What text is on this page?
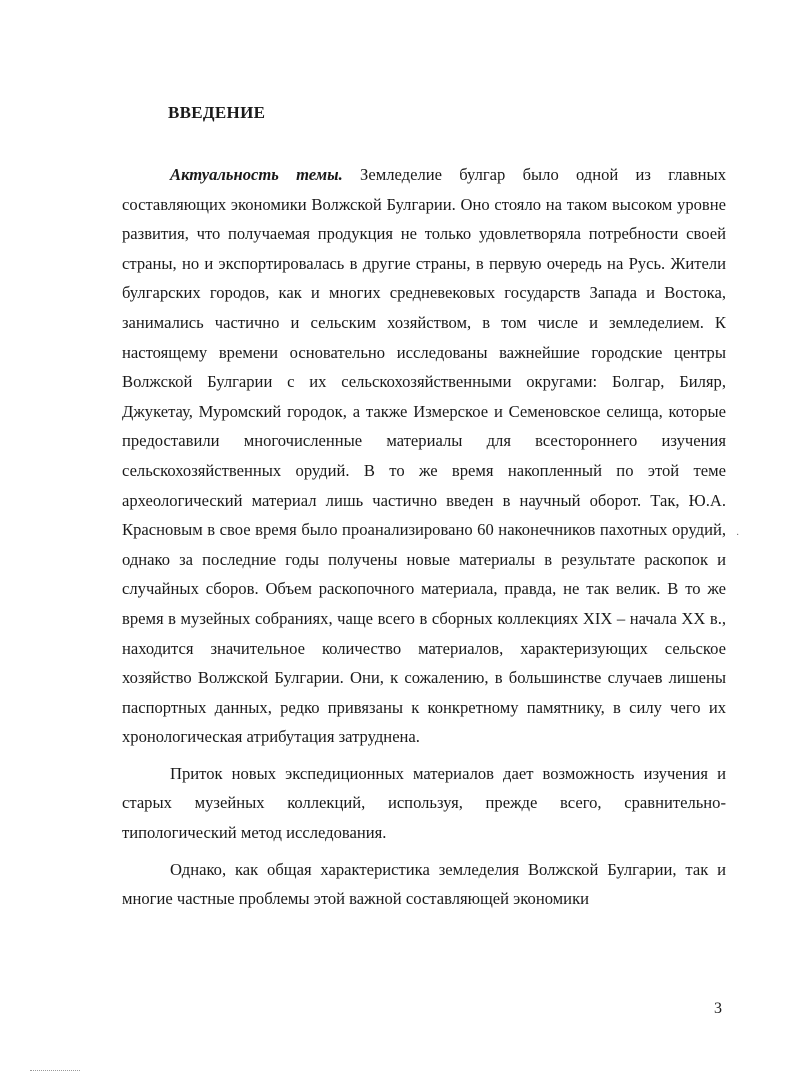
ВВЕДЕНИЕ

Актуальность темы. Земледелие булгар было одной из главных составляющих экономики Волжской Булгарии. Оно стояло на таком высоком уровне развития, что получаемая продукция не только удовлетворяла потребности своей страны, но и экспортировалась в другие страны, в первую очередь на Русь. Жители булгарских городов, как и многих средневековых государств Запада и Востока, занимались частично и сельским хозяйством, в том числе и земледелием. К настоящему времени основательно исследованы важнейшие городские центры Волжской Булгарии с их сельскохозяйственными округами: Болгар, Биляр, Джукетау, Муромский городок, а также Измерское и Семеновское селища, которые предоставили многочисленные материалы для всестороннего изучения сельскохозяйственных орудий. В то же время накопленный по этой теме археологический материал лишь частично введен в научный оборот. Так, Ю.А. Красновым в свое время было проанализировано 60 наконечников пахотных орудий, однако за последние годы получены новые материалы в результате раскопок и случайных сборов. Объем раскопочного материала, правда, не так велик. В то же время в музейных собраниях, чаще всего в сборных коллекциях XIX – начала XX в., находится значительное количество материалов, характеризующих сельское хозяйство Волжской Булгарии. Они, к сожалению, в большинстве случаев лишены паспортных данных, редко привязаны к конкретному памятнику, в силу чего их хронологическая атрибутация затруднена.

Приток новых экспедиционных материалов дает возможность изучения и старых музейных коллекций, используя, прежде всего, сравнительно-типологический метод исследования.

Однако, как общая характеристика земледелия Волжской Булгарии, так и многие частные проблемы этой важной составляющей экономики

·
3
